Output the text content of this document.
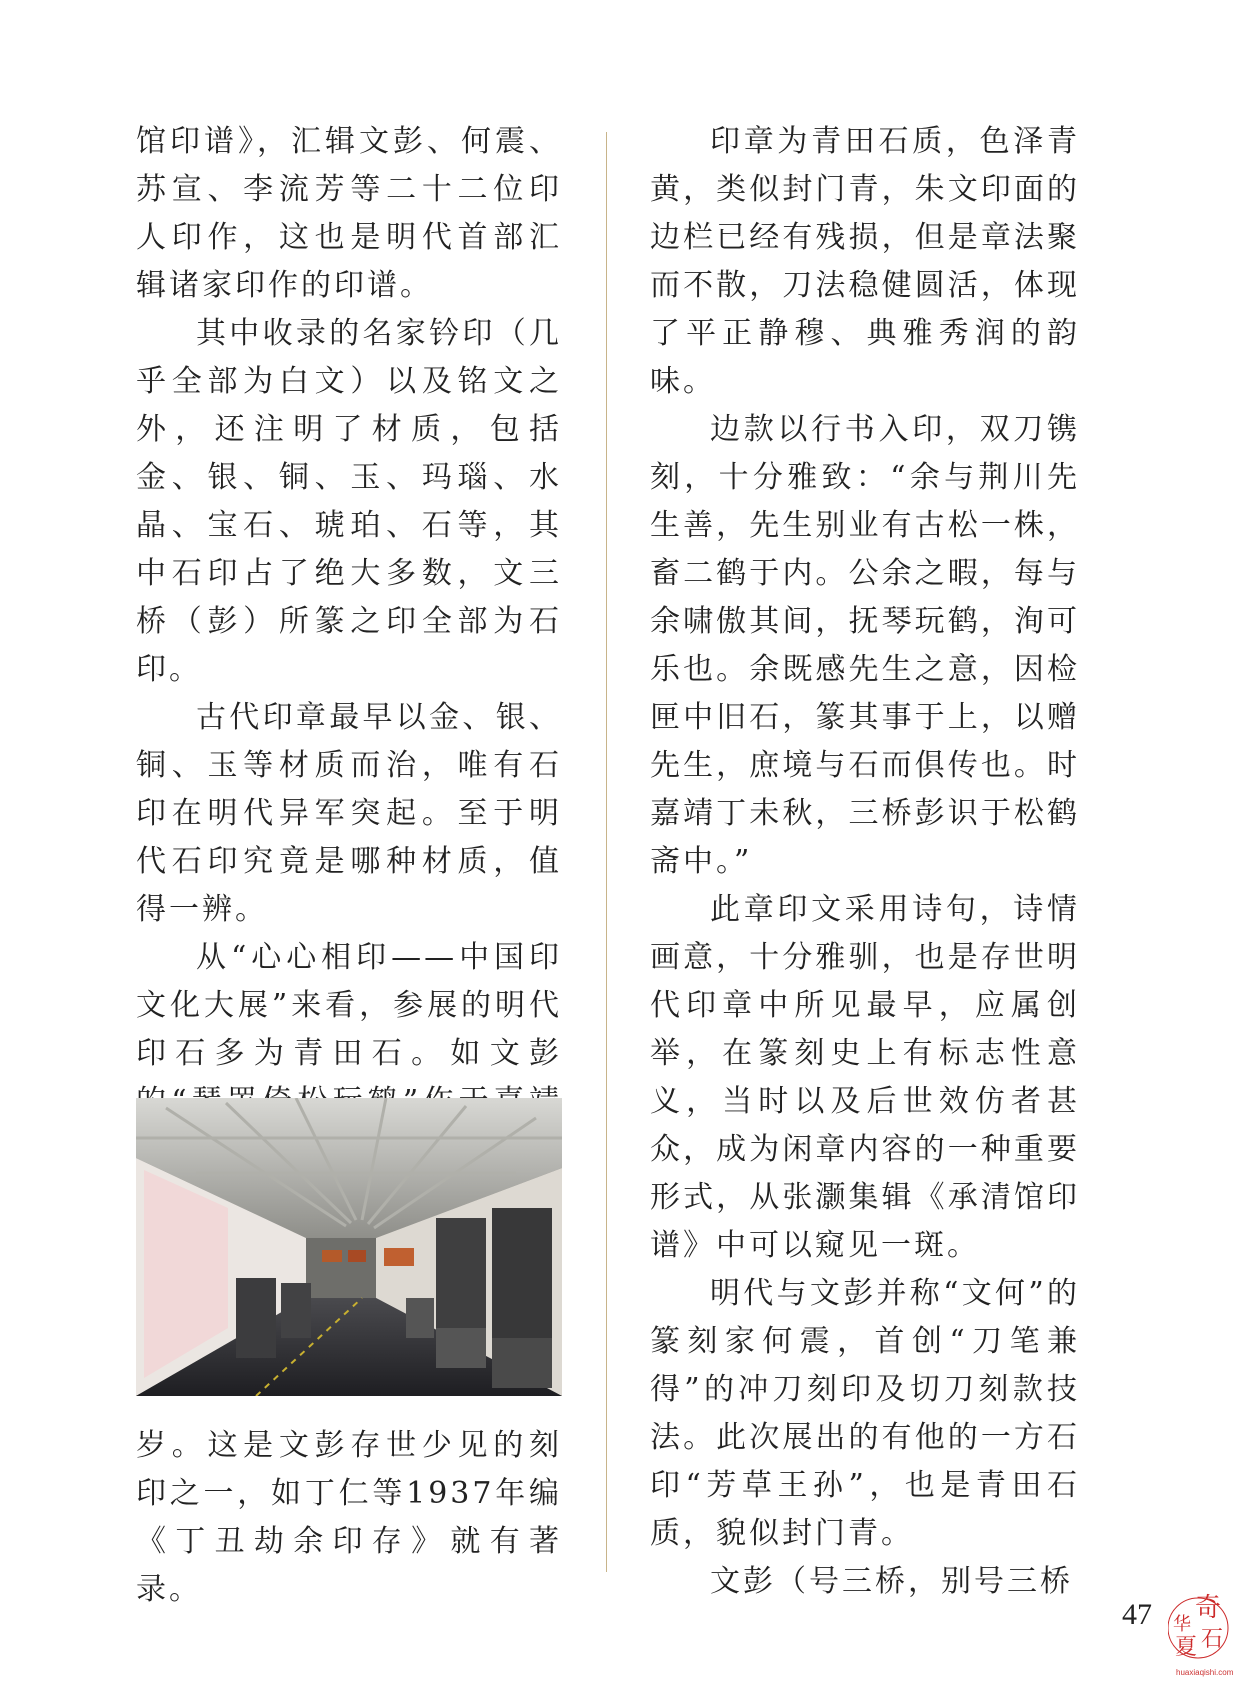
馆印谱》，汇辑文彭、何震、苏宣、李流芳等二十二位印人印作，这也是明代首部汇辑诸家印作的印谱。

其中收录的名家钤印（几乎全部为白文）以及铭文之外，还注明了材质，包括金、银、铜、玉、玛瑙、水晶、宝石、琥珀、石等，其中石印占了绝大多数，文三桥（彭）所篆之印全部为石印。

古代印章最早以金、银、铜、玉等材质而治，唯有石印在明代异军突起。至于明代石印究竟是哪种材质，值得一辨。

从“心心相印——中国印文化大展”来看，参展的明代印石多为青田石。如文彭

岁。这是文彭存世少见的刻印之一，如丁仁等1937年编《丁丑劫余印存》就有著录。

印章为青田石质，色泽青黄，类似封门青，朱文印面的边栏已经有残损，但是章法聚而不散，刀法稳健圆活，体现了平正静穆、典雅秀润的韵味。

边款以行书入印，双刀镌刻，十分雅致：“余与荆川先生善，先生别业有古松一株，畜二鹤于内。公余之暇，每与余啸傲其间，抚琴玩鹤，洵可乐也。余既感先生之意，因检匣中旧石，篆其事于上，以赠先生，庶境与石而俱传也。时嘉靖丁未秋，三桥彭识于松鹤斋中。”

此章印文采用诗句，诗情画意，十分雅驯，也是存世明代印章中所见最早，应属创举，在篆刻史上有标志性意义，当时以及后世效仿者甚众，成为闲章内容的一种重要形式，从张灏集辑《承清馆印谱》中可以窥见一斑。

明代与文彭并称“文何”的篆刻家何震，首创“刀笔兼得”的冲刀刻印及切刀刻款技法。此次展出的有他的一方石印“芳草王孙”，也是青田石质，貌似封门青。

文彭（号三桥，别号三桥

47 奇
华
夏 石
huaxiaqishi.com
